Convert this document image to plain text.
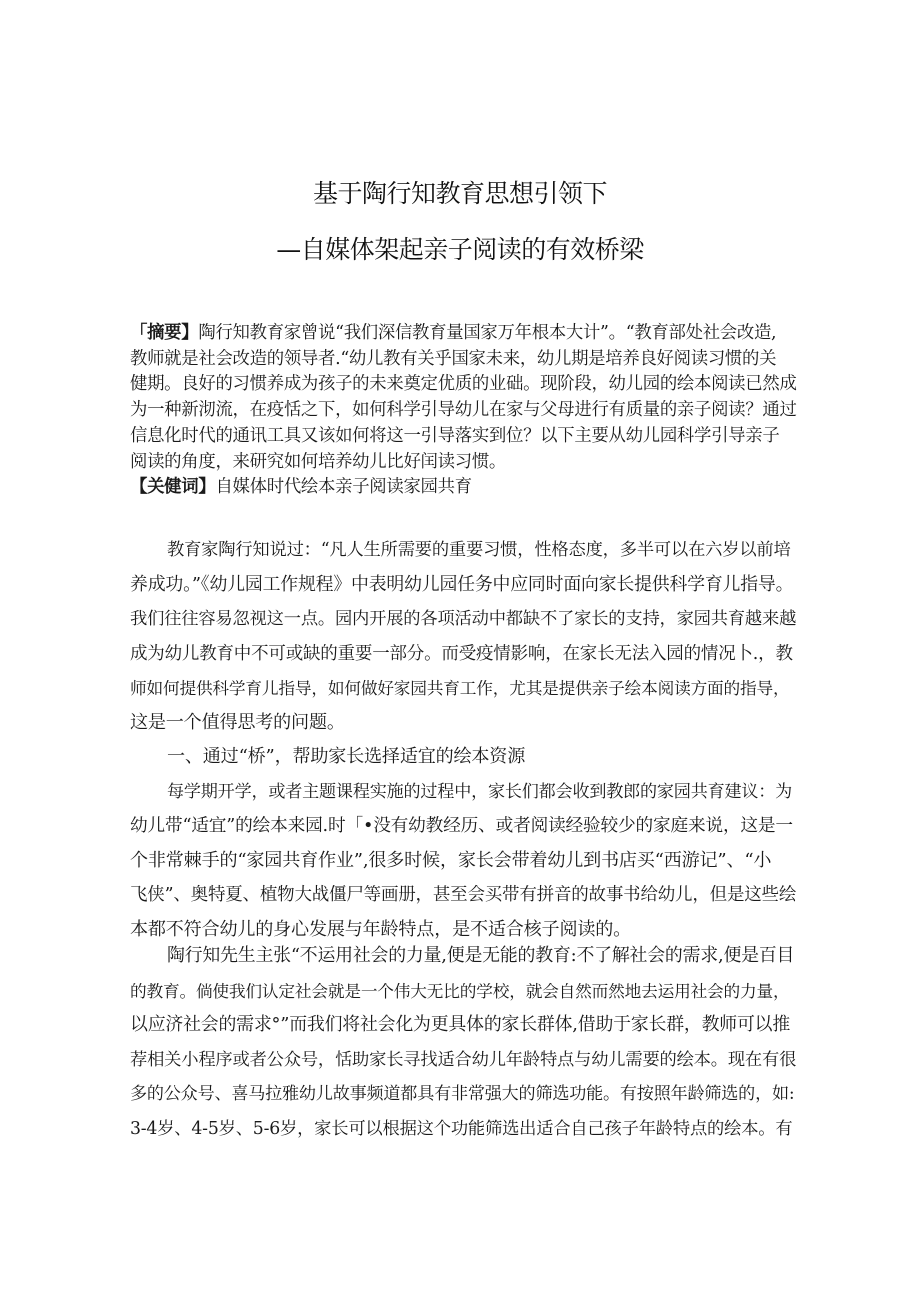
基于陶行知教育思想引领下
—自媒体架起亲子阅读的有效桥梁
「摘要】陶行知教育家曾说“我们深信教育量国家万年根本大计”。“教育部处社会改造,
教师就是社会改造的领导者.“幼儿教有关乎国家未来，幼儿期是培养良好阅读习惯的关
健期。良好的习惯养成为孩子的未来奠定优质的业础。现阶段，幼儿园的绘本阅读已然成
为一种新沏流，在疫恬之下，如何科学引导幼儿在家与父母进行有质量的亲子阅读？通过
信息化时代的通讯工具又该如何将这一引导落实到位？以下主要从幼儿园科学引导亲子
阅读的角度，来研究如何培养幼儿比好闰读习惯。
【关健词】自媒体时代绘本亲子阅读家园共育
教育家陶行知说过：“凡人生所需要的重要习惯，性格态度，多半可以在六岁以前培
养成功。”《幼儿园工作规程》中表明幼儿园任务中应同时面向家长提供科学育儿指导。
我们往往容易忽视这一点。园内开展的各项活动中都缺不了家长的支持，家园共育越来越
成为幼儿教育中不可或缺的重要一部分。而受疫情影响，在家长无法入园的情况卜.，教
师如何提供科学育儿指导，如何做好家园共育工作，尤其是提供亲子绘本阅读方面的指导，
这是一个值得思考的问题。
一、通过“桥”，帮助家长选择适宜的绘本资源
每学期开学，或者主题课程实施的过程中，家长们都会收到教郎的家园共育建议：为
幼儿带“适宜”的绘本来园.时「•没有幼教经历、或者阅读经验较少的家庭来说，这是一
个非常棘手的“家园共育作业”,很多时候，家长会带着幼儿到书店买“西游记”、“小
飞侠”、奥特夏、植物大战僵尸等画册，甚至会买带有拼音的故事书给幼儿，但是这些绘
本都不符合幼儿的身心发展与年龄特点，是不适合核子阅读的。
陶行知先生主张“不运用社会的力量,便是无能的教育:不了解社会的需求,便是百目
的教育。倘使我们认定社会就是一个伟大无比的学校，就会自然而然地去运用社会的力量，
以应济社会的需求°”而我们将社会化为更具体的家长群体,借助于家长群，教师可以推
荐相关小程序或者公众号，恬助家长寻找适合幼儿年龄特点与幼儿需要的绘本。现在有很
多的公众号、喜马拉雅幼儿故事频道都具有非常强大的筛选功能。有按照年龄筛选的，如:
3-4岁、4-5岁、5-6岁，家长可以根据这个功能筛选出适合自己孩子年龄特点的绘本。有
